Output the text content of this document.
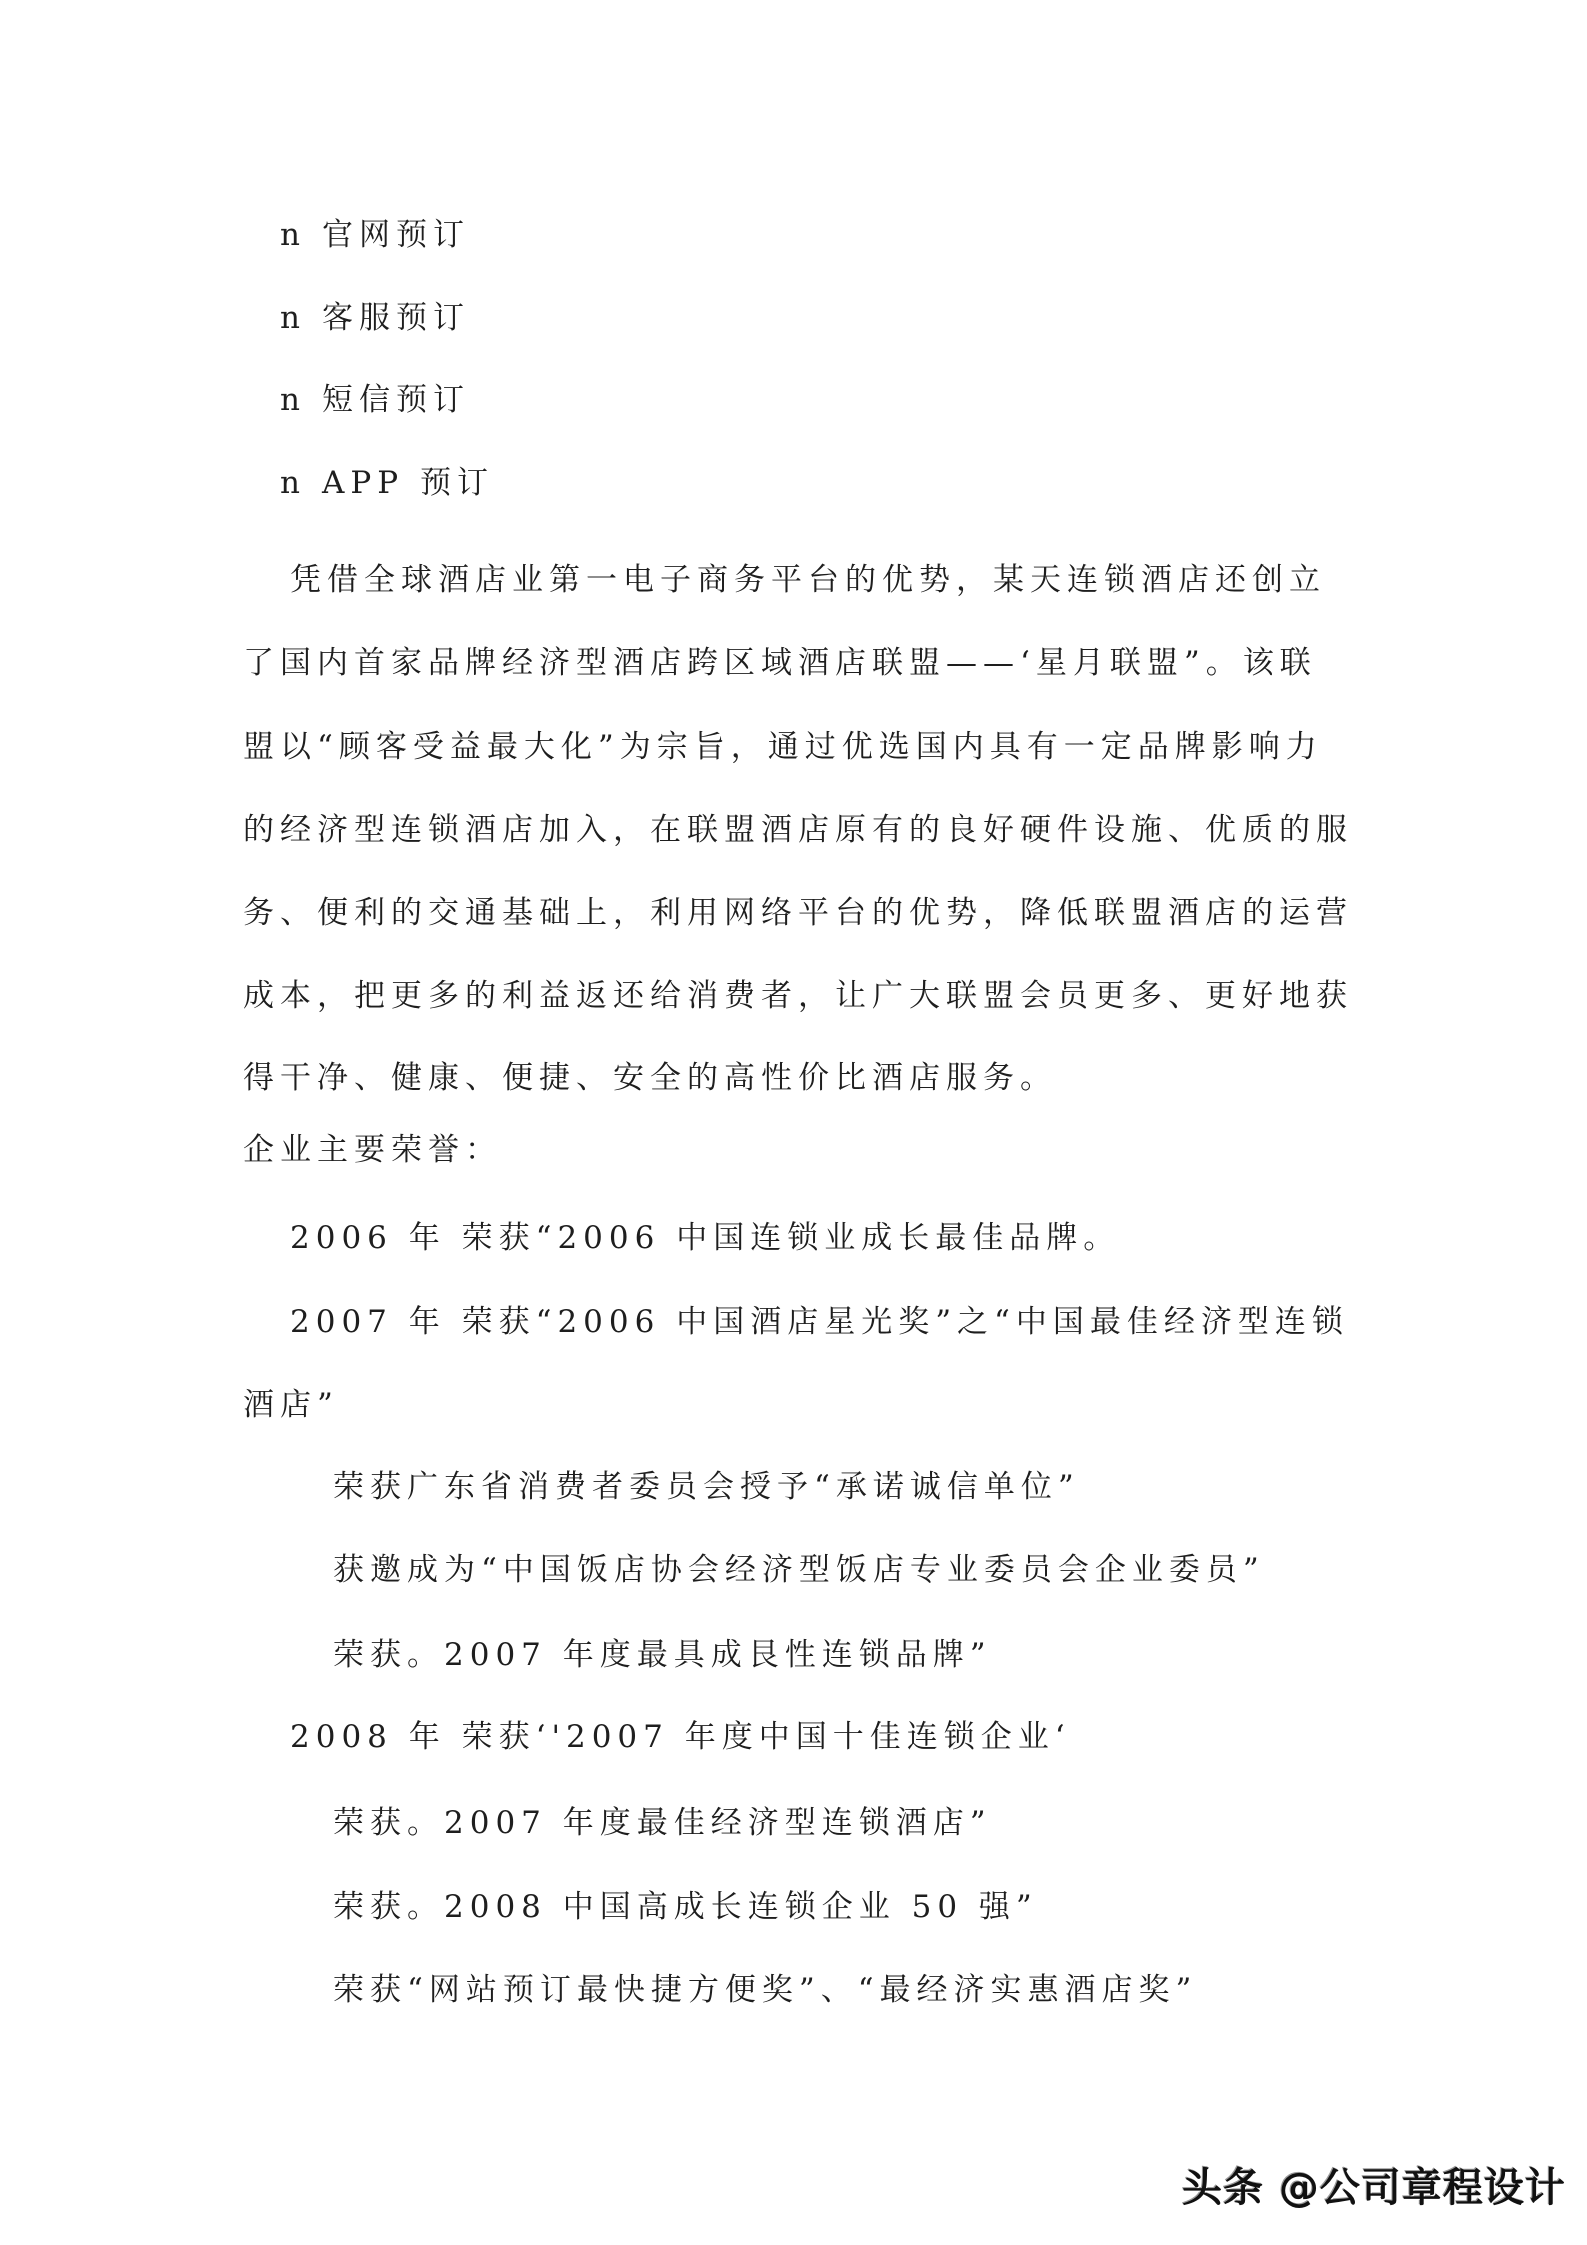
n 官网预订
n 客服预订
n 短信预订
n APP 预订
凭借全球酒店业第一电子商务平台的优势，某天连锁酒店还创立
了国内首家品牌经济型酒店跨区域酒店联盟——‘星月联盟”。该联
盟以“顾客受益最大化”为宗旨，通过优选国内具有一定品牌影响力
的经济型连锁酒店加入，在联盟酒店原有的良好硬件设施、优质的服
务、便利的交通基础上，利用网络平台的优势，降低联盟酒店的运营
成本，把更多的利益返还给消费者，让广大联盟会员更多、更好地获
得干净、健康、便捷、安全的高性价比酒店服务。
企业主要荣誉：
2006 年 荣获“2006 中国连锁业成长最佳品牌。
2007 年 荣获“2006 中国酒店星光奖”之“中国最佳经济型连锁
酒店”
荣获广东省消费者委员会授予“承诺诚信单位”
获邀成为“中国饭店协会经济型饭店专业委员会企业委员”
荣获。2007 年度最具成艮性连锁品牌”
2008 年 荣获‘'2007 年度中国十佳连锁企业‘
荣获。2007 年度最佳经济型连锁酒店”
荣获。2008 中国高成长连锁企业 50 强”
荣获“网站预订最快捷方便奖”、“最经济实惠酒店奖”
头条 @公司章程设计
